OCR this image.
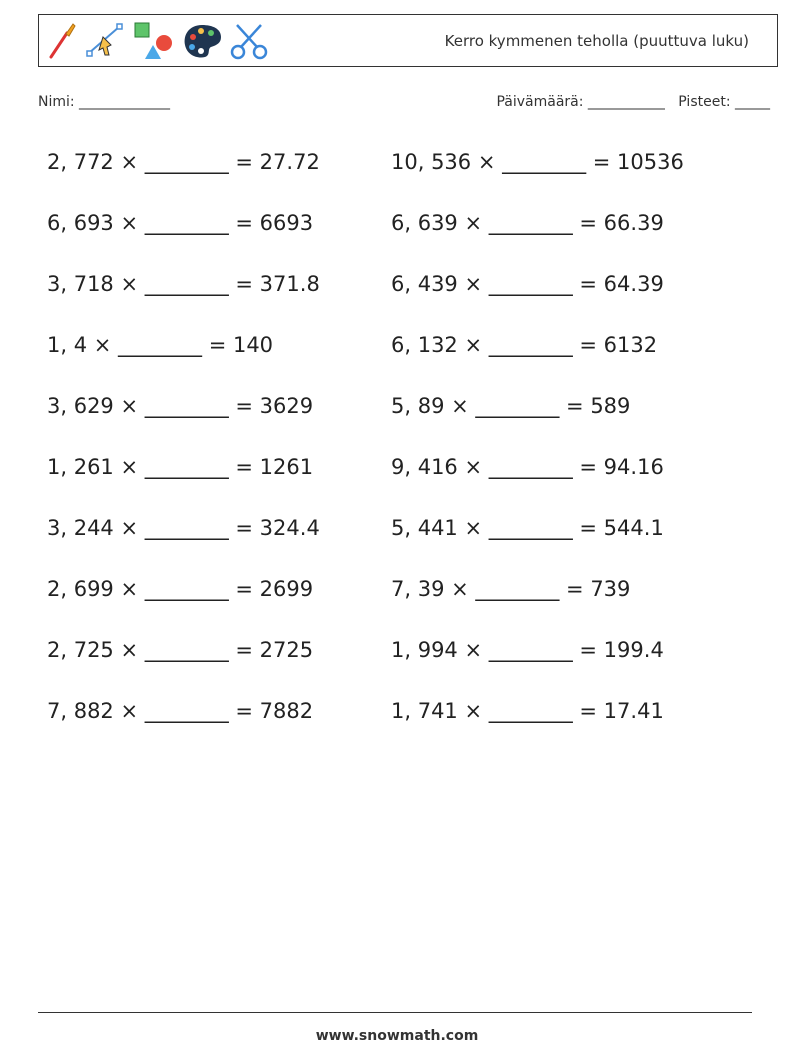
Kerro kymmenen teholla (puuttuva luku)
Nimi: _____________	Päivämäärä: ___________ Pisteet: _____
2, 772 × ________ = 27.72	10, 536 × ________ = 10536
6, 693 × ________ = 6693	6, 639 × ________ = 66.39
3, 718 × ________ = 371.8	6, 439 × ________ = 64.39
1, 4 × ________ = 140	6, 132 × ________ = 6132
3, 629 × ________ = 3629	5, 89 × ________ = 589
1, 261 × ________ = 1261	9, 416 × ________ = 94.16
3, 244 × ________ = 324.4	5, 441 × ________ = 544.1
2, 699 × ________ = 2699	7, 39 × ________ = 739
2, 725 × ________ = 2725	1, 994 × ________ = 199.4
7, 882 × ________ = 7882	1, 741 × ________ = 17.41
www.snowmath.com
